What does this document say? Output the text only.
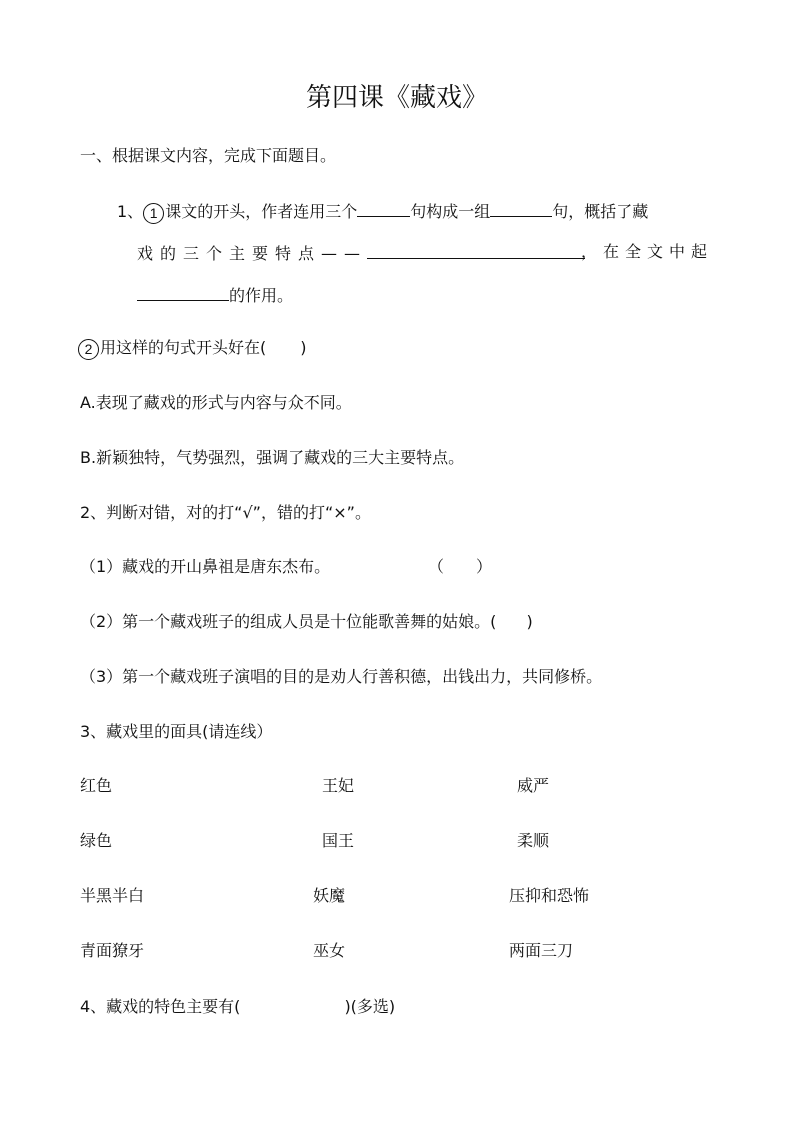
第四课《藏戏》
一、根据课文内容，完成下面题目。
1、 1 课文的开头，作者连用三个	句构成一组	句，概括了藏
戏的三个主要特点——	，在全文中起
的作用。
2 用这样的句式开头好在( )
A.表现了藏戏的形式与内容与众不同。
B.新颖独特，气势强烈，强调了藏戏的三大主要特点。
2、判断对错，对的打“√”，错的打“×”。
（1）藏戏的开山鼻祖是唐东杰布。	（ ）
（2）第一个藏戏班子的组成人员是十位能歌善舞的姑娘。( )
（3）第一个藏戏班子演唱的目的是劝人行善积德，出钱出力，共同修桥。
3、藏戏里的面具(请连线）
红色	王妃	威严
绿色	国王	柔顺
半黑半白	妖魔	压抑和恐怖
青面獠牙	巫女	两面三刀
4、藏戏的特色主要有(	)(多选)
